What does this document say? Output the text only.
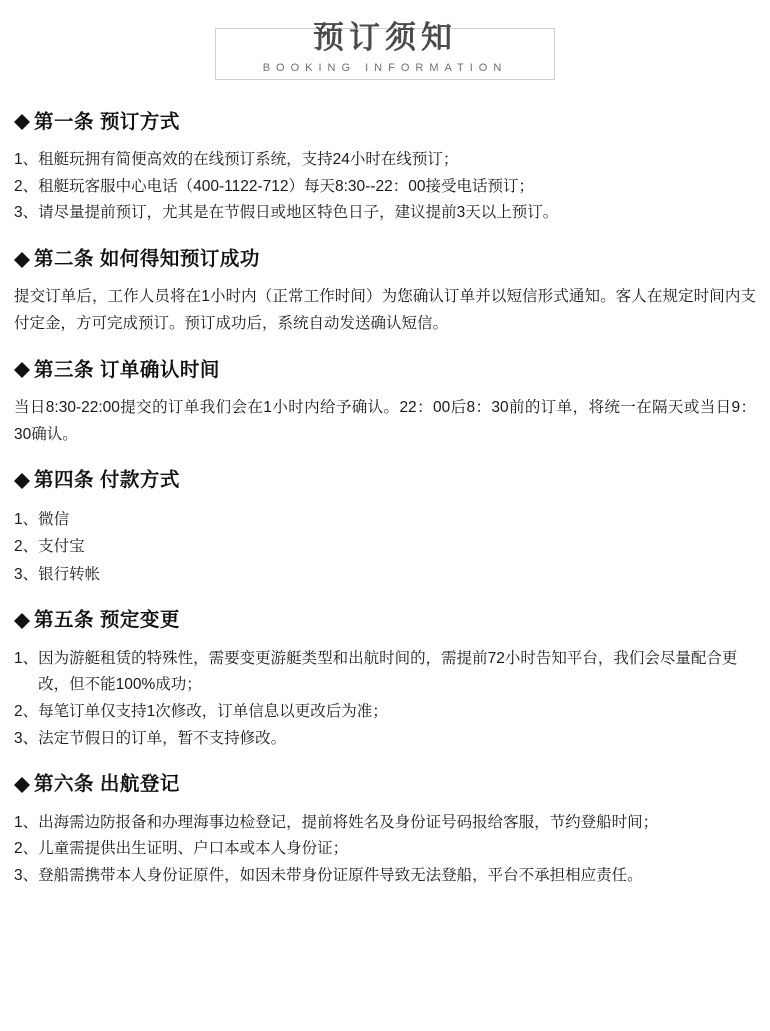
预订须知
BOOKING INFORMATION
第一条 预订方式
1、 租艇玩拥有简便高效的在线预订系统，支持24小时在线预订；
2、 租艇玩客服中心电话（400-1122-712）每天8:30--22：00接受电话预订；
3、 请尽量提前预订，尤其是在节假日或地区特色日子，建议提前3天以上预订。
第二条 如何得知预订成功

提交订单后，工作人员将在1小时内（正常工作时间）为您确认订单并以短信形式通知。客人在规定时间内支付定金，方可完成预订。预订成功后，系统自动发送确认短信。

第三条 订单确认时间

当日8:30-22:00提交的订单我们会在1小时内给予确认。22：00后8：30前的订单，将统一在隔天或当日9：30确认。

第四条 付款方式
1、 微信
2、 支付宝
3、 银行转帐
第五条 预定变更
1、 因为游艇租赁的特殊性，需要变更游艇类型和出航时间的，需提前72小时告知平台，我们会尽量配合更改，但不能100%成功；
2、 每笔订单仅支持1次修改，订单信息以更改后为准；
3、 法定节假日的订单，暂不支持修改。
第六条 出航登记
1、 出海需边防报备和办理海事边检登记，提前将姓名及身份证号码报给客服，节约登船时间；
2、 儿童需提供出生证明、户口本或本人身份证；
3、 登船需携带本人身份证原件，如因未带身份证原件导致无法登船，平台不承担相应责任。
